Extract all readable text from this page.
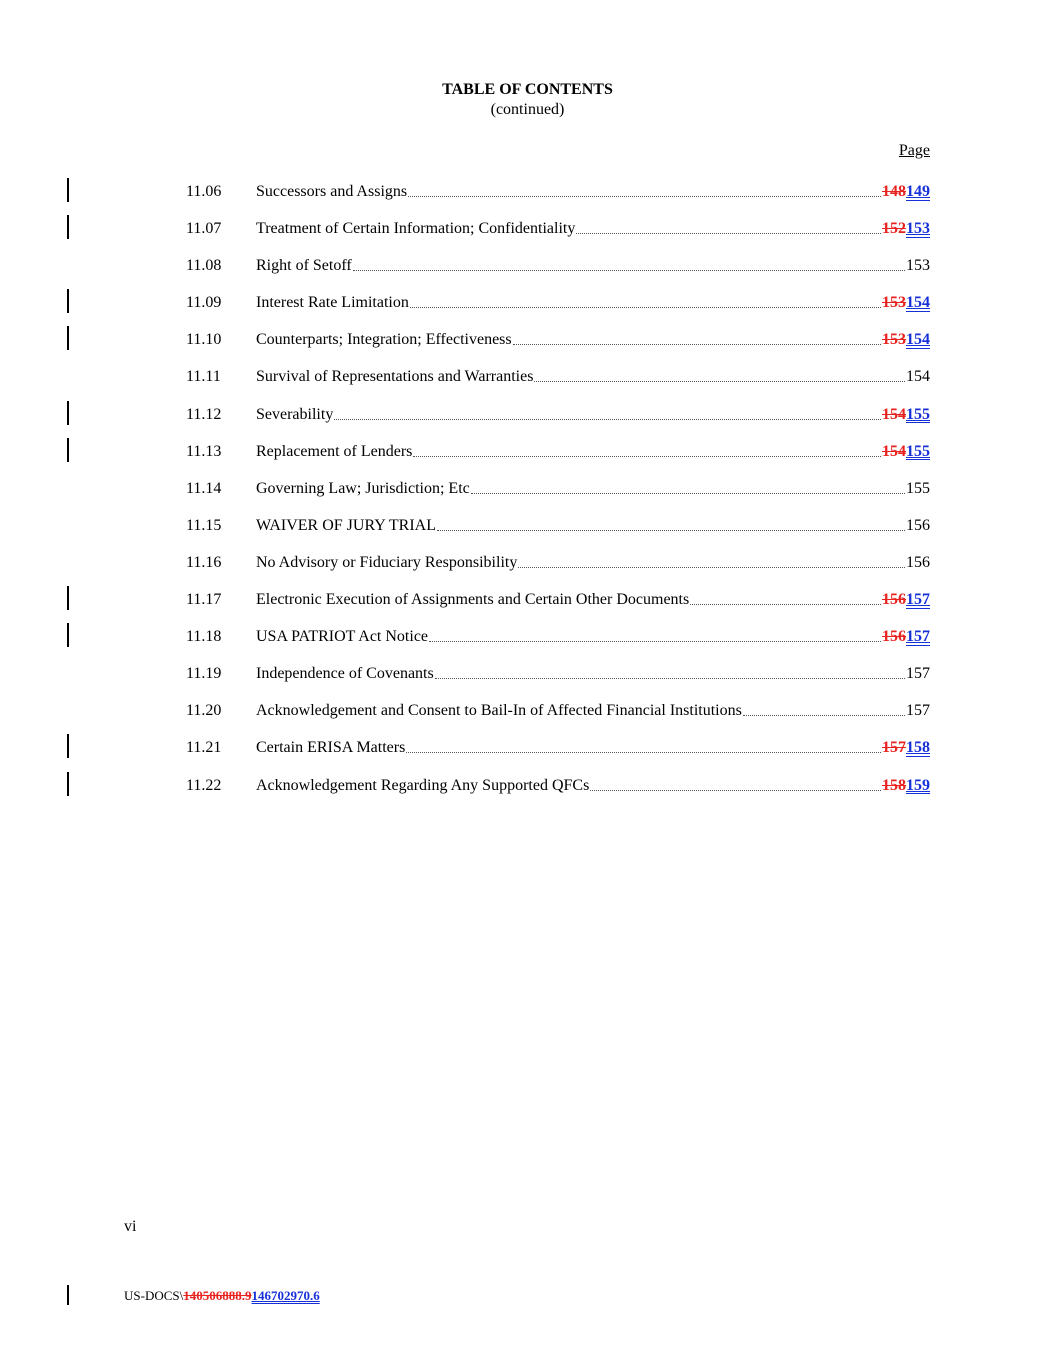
TABLE OF CONTENTS
(continued)
Page
11.06 Successors and Assigns	148149
11.07 Treatment of Certain Information; Confidentiality	152153
11.08 Right of Setoff	153
11.09 Interest Rate Limitation	153154
11.10 Counterparts; Integration; Effectiveness	153154
11.11 Survival of Representations and Warranties	154
11.12 Severability	154155
11.13 Replacement of Lenders	154155
11.14 Governing Law; Jurisdiction; Etc	155
11.15 WAIVER OF JURY TRIAL	156
11.16 No Advisory or Fiduciary Responsibility	156
11.17 Electronic Execution of Assignments and Certain Other Documents	156157
11.18 USA PATRIOT Act Notice	156157
11.19 Independence of Covenants	157
11.20 Acknowledgement and Consent to Bail-In of Affected Financial Institutions	157
11.21 Certain ERISA Matters	157158
11.22 Acknowledgement Regarding Any Supported QFCs	158159
vi
US-DOCS\140506888.9146702970.6
